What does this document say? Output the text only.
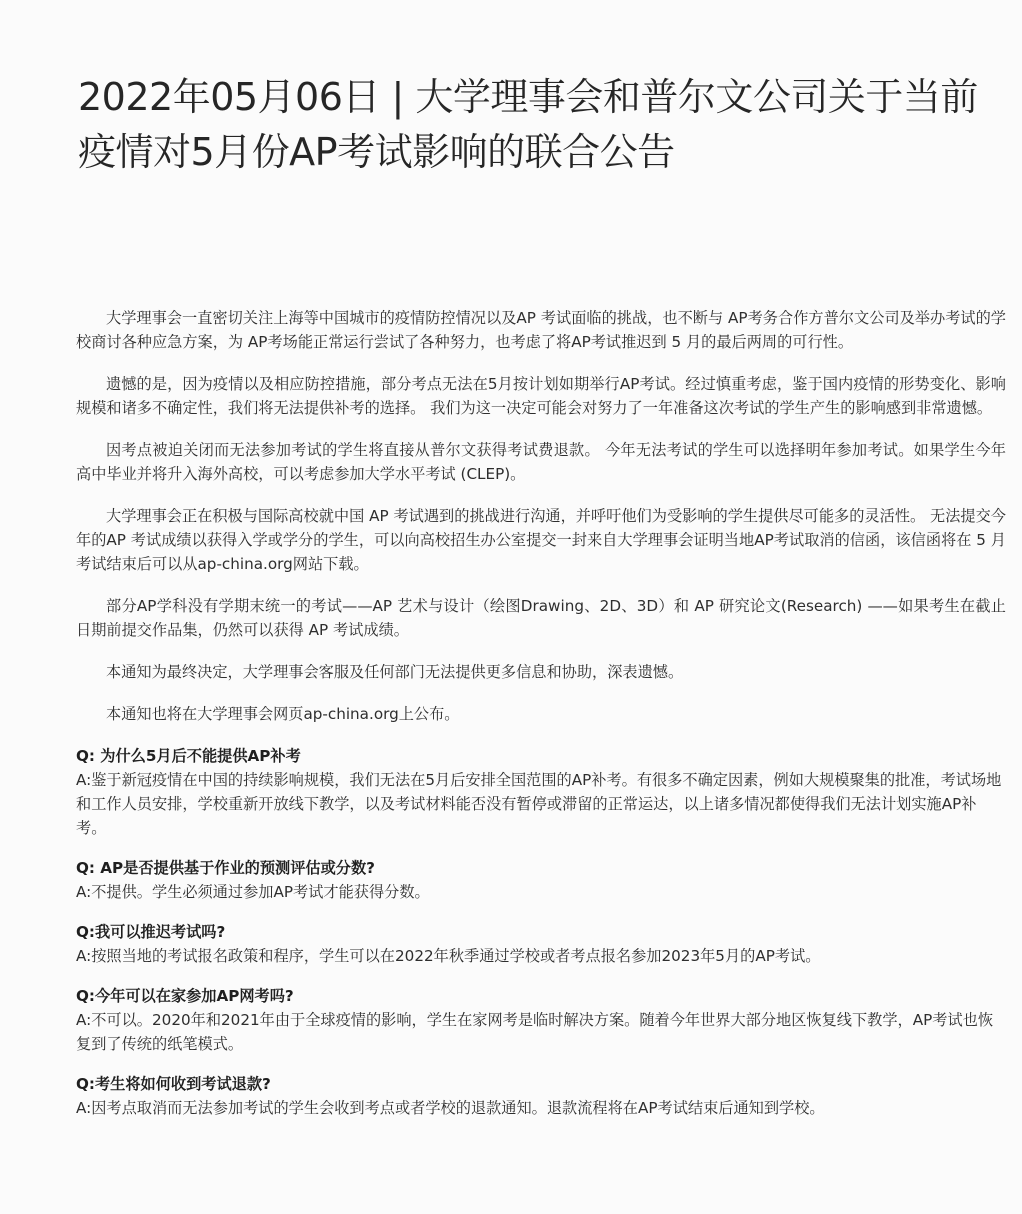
2022年05月06日 | 大学理事会和普尔文公司关于当前
疫情对5月份AP考试影响的联合公告

大学理事会一直密切关注上海等中国城市的疫情防控情况以及AP 考试面临的挑战，也不断与 AP考务合作方普尔文公司及举办考试的学校商讨各种应急方案，为 AP考场能正常运行尝试了各种努力，也考虑了将AP考试推迟到 5 月的最后两周的可行性。

遗憾的是，因为疫情以及相应防控措施，部分考点无法在5月按计划如期举行AP考试。经过慎重考虑，鉴于国内疫情的形势变化、影响规模和诸多不确定性，我们将无法提供补考的选择。 我们为这一决定可能会对努力了一年准备这次考试的学生产生的影响感到非常遗憾。

因考点被迫关闭而无法参加考试的学生将直接从普尔文获得考试费退款。 今年无法考试的学生可以选择明年参加考试。如果学生今年高中毕业并将升入海外高校，可以考虑参加大学水平考试 (CLEP)。

大学理事会正在积极与国际高校就中国 AP 考试遇到的挑战进行沟通，并呼吁他们为受影响的学生提供尽可能多的灵活性。 无法提交今年的AP 考试成绩以获得入学或学分的学生，可以向高校招生办公室提交一封来自大学理事会证明当地AP考试取消的信函，该信函将在 5 月考试结束后可以从ap-china.org网站下载。

部分AP学科没有学期末统一的考试——AP 艺术与设计（绘图Drawing、2D、3D）和 AP 研究论文(Research) ——如果考生在截止日期前提交作品集，仍然可以获得 AP 考试成绩。

本通知为最终决定，大学理事会客服及任何部门无法提供更多信息和协助，深表遗憾。

本通知也将在大学理事会网页ap-china.org上公布。

Q: 为什么5月后不能提供AP补考

A:鉴于新冠疫情在中国的持续影响规模，我们无法在5月后安排全国范围的AP补考。有很多不确定因素，例如大规模聚集的批准，考试场地和工作人员安排，学校重新开放线下教学，以及考试材料能否没有暂停或滞留的正常运达，以上诸多情况都使得我们无法计划实施AP补考。

Q: AP是否提供基于作业的预测评估或分数?

A:不提供。学生必须通过参加AP考试才能获得分数。

Q:我可以推迟考试吗?

A:按照当地的考试报名政策和程序，学生可以在2022年秋季通过学校或者考点报名参加2023年5月的AP考试。

Q:今年可以在家参加AP网考吗?

A:不可以。2020年和2021年由于全球疫情的影响，学生在家网考是临时解决方案。随着今年世界大部分地区恢复线下教学，AP考试也恢复到了传统的纸笔模式。

Q:考生将如何收到考试退款?

A:因考点取消而无法参加考试的学生会收到考点或者学校的退款通知。退款流程将在AP考试结束后通知到学校。
